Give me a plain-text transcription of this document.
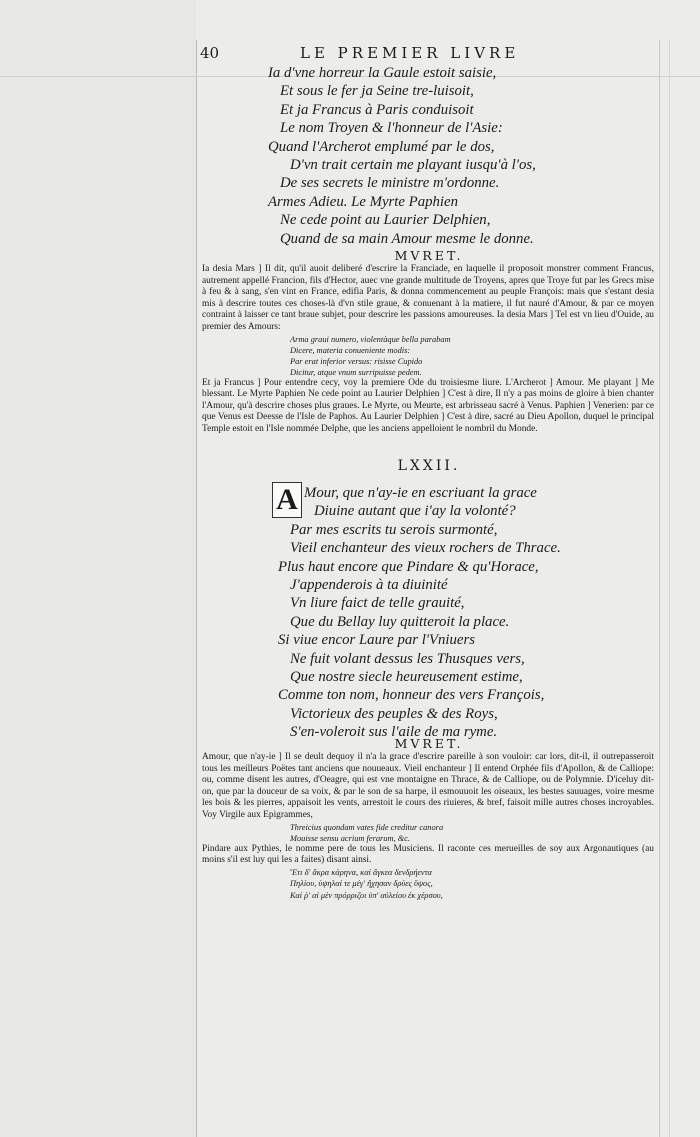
40	LE PREMIER LIVRE
Ia d'vne horreur la Gaule estoit saisie,
Et sous le fer ja Seine tre-luisoit,
Et ja Francus à Paris conduisoit
Le nom Troyen & l'honneur de l'Asie:
Quand l'Archerot emplumé par le dos,
D'vn trait certain me playant iusqu'à l'os,
De ses secrets le ministre m'ordonne.
Armes Adieu. Le Myrte Paphien
Ne cede point au Laurier Delphien,
Quand de sa main Amour mesme le donne.
MVRET.

Ia desia Mars ] Il dit, qu'il auoit deliberé d'escrire la Franciade, en laquelle il proposoit monstrer comment Francus, autrement appellé Francion, fils d'Hector, auec vne grande multitude de Troyens, apres que Troye fut par les Grecs mise à feu & à sang, s'en vint en France, edifia Paris, & donna commencement au peuple François: mais que s'estant desia mis à descrire toutes ces choses-là d'vn stile graue, & conuenant à la matiere, il fut nauré d'Amour, & par ce moyen contraint à laisser ce tant braue subjet, pour descrire les passions amoureuses. Ia desia Mars ] Tel est vn lieu d'Ouide, au premier des Amours:

Arma graui numero, violentàque bella parabam
Dicere, materia conueniente modis:
Par erat inferior versus: risisse Cupido
Dicitur, atque vnum surripuisse pedem.

Et ja Francus ] Pour entendre cecy, voy la premiere Ode du troisiesme liure. L'Archerot ] Amour. Me playant ] Me blessant. Le Myrte Paphien Ne cede point au Laurier Delphien ] C'est à dire, Il n'y a pas moins de gloire à bien chanter l'Amour, qu'à descrire choses plus graues. Le Myrte, ou Meurte, est arbrisseau sacré à Venus. Paphien ] Venerien: par ce que Venus est Deesse de l'Isle de Paphos. Au Laurier Delphien ] C'est à dire, sacré au Dieu Apollon, duquel le principal Temple estoit en l'Isle nommée Delphe, que les anciens appelloient le nombril du Monde.

LXXII.
A Mour, que n'ay-ie en escriuant la grace
Diuine autant que i'ay la volonté?
Par mes escrits tu serois surmonté,
Vieil enchanteur des vieux rochers de Thrace.
Plus haut encore que Pindare & qu'Horace,
J'appenderois à ta diuinité
Vn liure faict de telle grauité,
Que du Bellay luy quitteroit la place.
Si viue encor Laure par l'Vniuers
Ne fuit volant dessus les Thusques vers,
Que nostre siecle heureusement estime,
Comme ton nom, honneur des vers François,
Victorieux des peuples & des Roys,
S'en-voleroit sus l'aile de ma ryme.
MVRET.

Amour, que n'ay-ie ] Il se deult dequoy il n'a la grace d'escrire pareille à son vouloir: car lors, dit-il, il outrepasseroit tous les meilleurs Poëtes tant anciens que nouueaux. Vieil enchanteur ] Il entend Orphée fils d'Apollon, & de Calliope: ou, comme disent les autres, d'Oeagre, qui est vne montaigne en Thrace, & de Calliope, ou de Polymnie. D'iceluy dit-on, que par la douceur de sa voix, & par le son de sa harpe, il esmouuoit les oiseaux, les bestes sauuages, voire mesme les bois & les pierres, appaisoit les vents, arrestoit le cours des riuieres, & bref, faisoit mille autres choses incroyables. Voy Virgile aux Epigrammes,

Threicius quondam vates fide creditur canora
Mouisse sensu acrium ferarum, &c.

Pindare aux Pythies, le nomme pere de tous les Musiciens. Il raconte ces merueilles de soy aux Argonautiques (au moins s'il est luy qui les a faites) disant ainsi.

Ἔτι δ' ἄκρα κάρηνα, καὶ ἄγκεα δενδρήεντα
Πηλίου, ὑψηλαί τε μέγ' ἤχησαν δρύες ὕψος,
Καί ῥ' αἱ μὲν πρόρριζοι ὑπ' αὐλείου ἐκ χέρσου,
